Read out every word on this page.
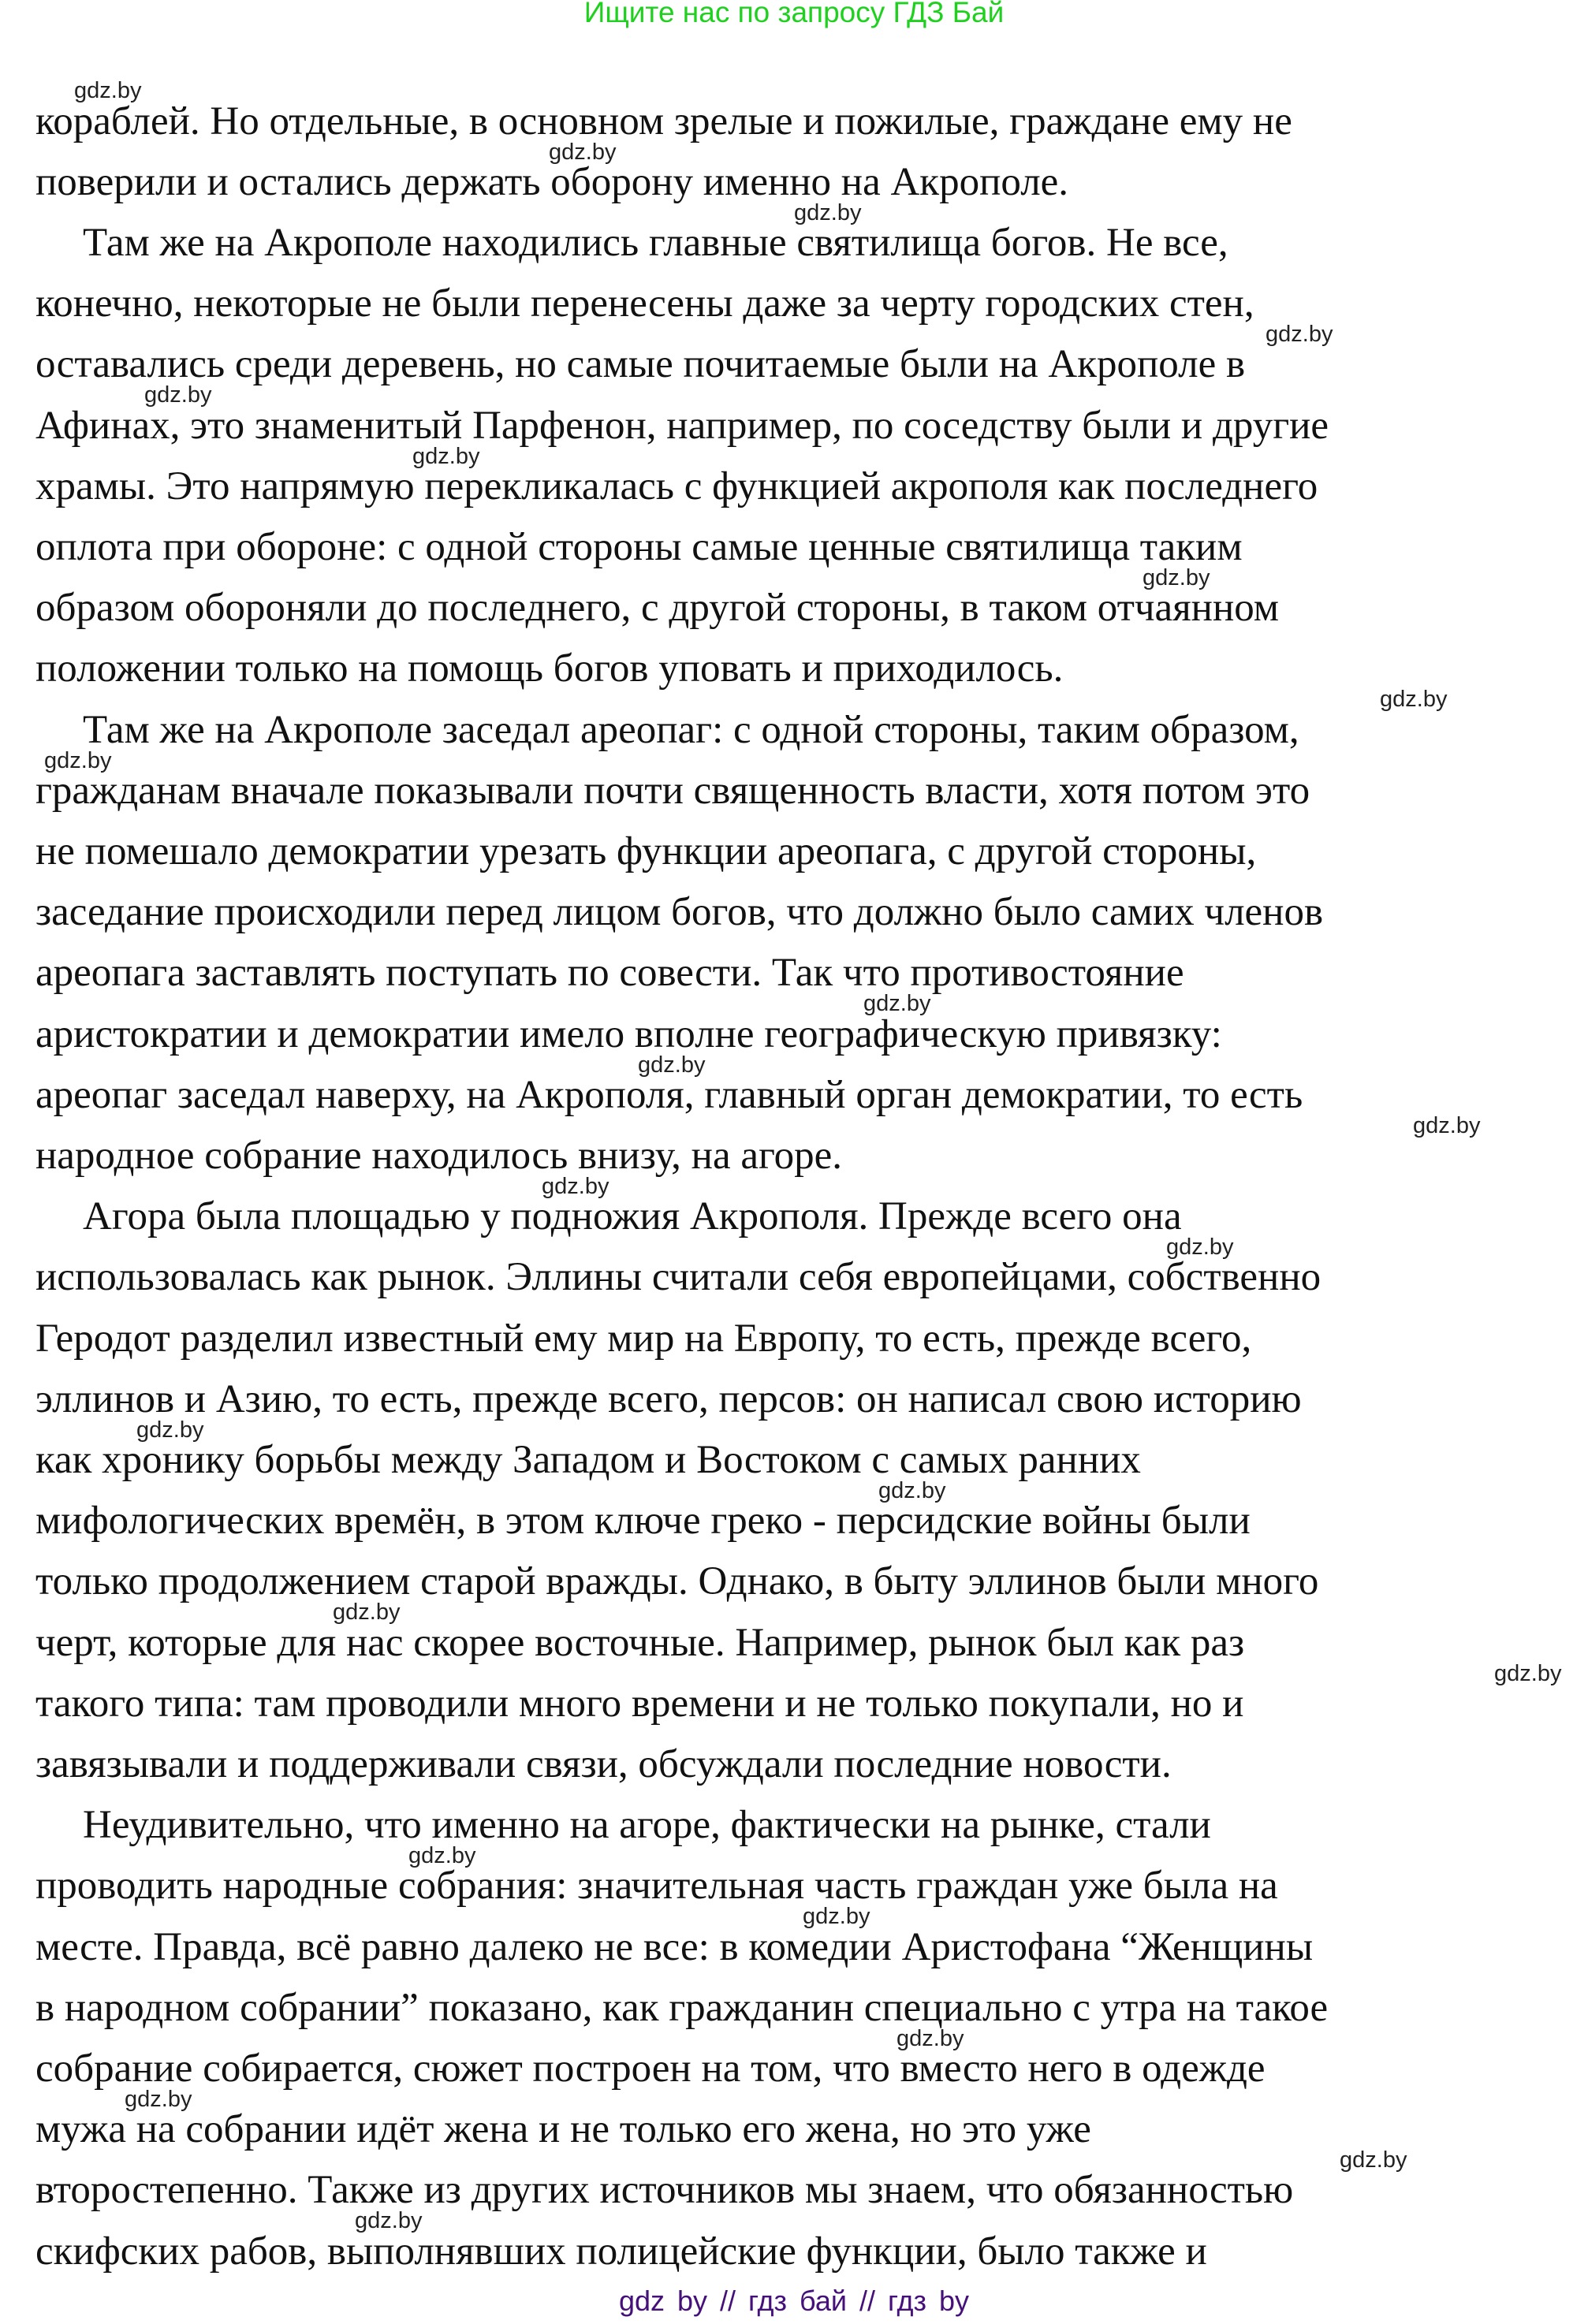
Ищите нас по запросу ГДЗ Бай
кораблей. Но отдельные, в основном зрелые и пожилые, граждане ему не
поверили и остались держать оборону именно на Акрополе.
Там же на Акрополе находились главные святилища богов. Не все,
конечно, некоторые не были перенесены даже за черту городских стен,
оставались среди деревень, но самые почитаемые были на Акрополе в
Афинах, это знаменитый Парфенон, например, по соседству были и другие
храмы. Это напрямую перекликалась с функцией акрополя как последнего
оплота при обороне: с одной стороны самые ценные святилища таким
образом обороняли до последнего, с другой стороны, в таком отчаянном
положении только на помощь богов уповать и приходилось.
Там же на Акрополе заседал ареопаг: с одной стороны, таким образом,
гражданам вначале показывали почти священность власти, хотя потом это
не помешало демократии урезать функции ареопага, с другой стороны,
заседание происходили перед лицом богов, что должно было самих членов
ареопага заставлять поступать по совести. Так что противостояние
аристократии и демократии имело вполне географическую привязку:
ареопаг заседал наверху, на Акрополя, главный орган демократии, то есть
народное собрание находилось внизу, на агоре.
Агора была площадью у подножия Акрополя. Прежде всего она
использовалась как рынок. Эллины считали себя европейцами, собственно
Геродот разделил известный ему мир на Европу, то есть, прежде всего,
эллинов и Азию, то есть, прежде всего, персов: он написал свою историю
как хронику борьбы между Западом и Востоком с самых ранних
мифологических времён, в этом ключе греко - персидские войны были
только продолжением старой вражды. Однако, в быту эллинов были много
черт, которые для нас скорее восточные. Например, рынок был как раз
такого типа: там проводили много времени и не только покупали, но и
завязывали и поддерживали связи, обсуждали последние новости.
Неудивительно, что именно на агоре, фактически на рынке, стали
проводить народные собрания: значительная часть граждан уже была на
месте. Правда, всё равно далеко не все: в комедии Аристофана “Женщины
в народном собрании” показано, как гражданин специально с утра на такое
собрание собирается, сюжет построен на том, что вместо него в одежде
мужа на собрании идёт жена и не только его жена, но это уже
второстепенно. Также из других источников мы знаем, что обязанностью
скифских рабов, выполнявших полицейские функции, было также и
gdz.by
gdz.by
gdz.by
gdz.by
gdz.by
gdz.by
gdz.by
gdz.by
gdz.by
gdz.by
gdz.by
gdz.by
gdz.by
gdz.by
gdz.by
gdz.by
gdz.by
gdz.by
gdz.by
gdz.by
gdz.by
gdz.by
gdz.by
gdz.by
gdz by // гдз бай // гдз by
